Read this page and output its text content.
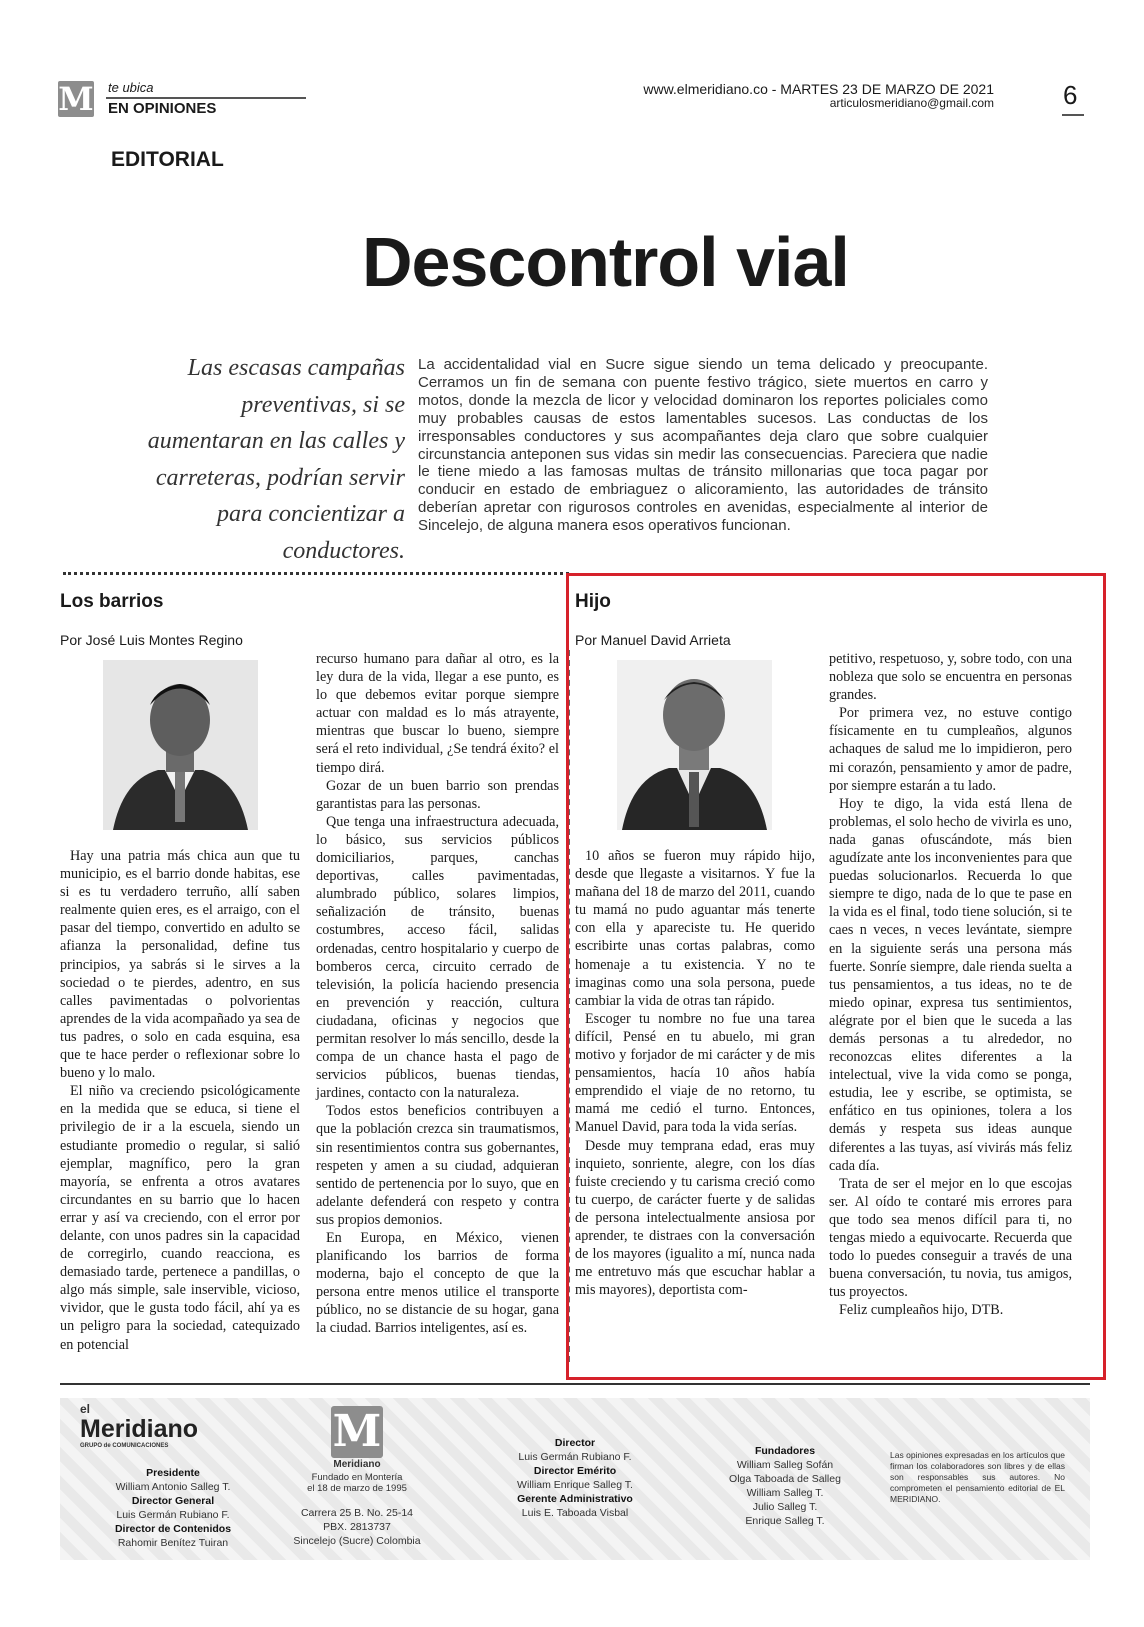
M te ubica
EN OPINIONES
www.elmeridiano.co - MARTES 23 DE MARZO DE 2021
articulosmeridiano@gmail.com	6
EDITORIAL
Descontrol vial
Las escasas campañas preventivas, si se aumentaran en las calles y carreteras, podrían servir para concientizar a conductores.
La accidentalidad vial en Sucre sigue siendo un tema delicado y preocupante. Cerramos un fin de semana con puente festivo trágico, siete muertos en carro y motos, donde la mezcla de licor y velocidad dominaron los reportes policiales como muy probables causas de estos lamentables sucesos. Las conductas de los irresponsables conductores y sus acompañantes deja claro que sobre cualquier circunstancia anteponen sus vidas sin medir las consecuencias. Pareciera que nadie le tiene miedo a las famosas multas de tránsito millonarias que toca pagar por conducir en estado de embriaguez o alicoramiento, las autoridades de tránsito deberían apretar con rigurosos controles en avenidas, especialmente al interior de Sincelejo, de alguna manera esos operativos funcionan.
Los barrios
Por José Luis Montes Regino

Hay una patria más chica aun que tu municipio, es el barrio donde habitas, ese si es tu verdadero terruño, allí saben realmente quien eres, es el arraigo, con el pasar del tiempo, convertido en adulto se afianza la personalidad, define tus principios, ya sabrás si le sirves a la sociedad o te pierdes, adentro, en sus calles pavimentadas o polvorientas aprendes de la vida acompañado ya sea de tus padres, o solo en cada esquina, esa que te hace perder o reflexionar sobre lo bueno y lo malo.

El niño va creciendo psicológicamente en la medida que se educa, si tiene el privilegio de ir a la escuela, siendo un estudiante promedio o regular, si salió ejemplar, magnífico, pero la gran mayoría, se enfrenta a otros avatares circundantes en su barrio que lo hacen errar y así va creciendo, con el error por delante, con unos padres sin la capacidad de corregirlo, cuando reacciona, es demasiado tarde, pertenece a pandillas, o algo más simple, sale inservible, vicioso, vividor, que le gusta todo fácil, ahí ya es un peligro para la sociedad, catequizado en potencial

recurso humano para dañar al otro, es la ley dura de la vida, llegar a ese punto, es lo que debemos evitar porque siempre actuar con maldad es lo más atrayente, mientras que buscar lo bueno, siempre será el reto individual, ¿Se tendrá éxito? el tiempo dirá.

Gozar de un buen barrio son prendas garantistas para las personas.

Que tenga una infraestructura adecuada, lo básico, sus servicios públicos domiciliarios, parques, canchas deportivas, calles pavimentadas, alumbrado público, solares limpios, señalización de tránsito, buenas costumbres, acceso fácil, salidas ordenadas, centro hospitalario y cuerpo de bomberos cerca, circuito cerrado de televisión, la policía haciendo presencia en prevención y reacción, cultura ciudadana, oficinas y negocios que permitan resolver lo más sencillo, desde la compa de un chance hasta el pago de servicios públicos, buenas tiendas, jardines, contacto con la naturaleza.

Todos estos beneficios contribuyen a que la población crezca sin traumatismos, sin resentimientos contra sus gobernantes, respeten y amen a su ciudad, adquieran sentido de pertenencia por lo suyo, que en adelante defenderá con respeto y contra sus propios demonios.

En Europa, en México, vienen planificando los barrios de forma moderna, bajo el concepto de que la persona entre menos utilice el transporte público, no se distancie de su hogar, gana la ciudad. Barrios inteligentes, así es.

Hijo
Por Manuel David Arrieta

10 años se fueron muy rápido hijo, desde que llegaste a visitarnos. Y fue la mañana del 18 de marzo del 2011, cuando tu mamá no pudo aguantar más tenerte con ella y apareciste tu. He querido escribirte unas cortas palabras, como homenaje a tu existencia. Y no te imaginas como una sola persona, puede cambiar la vida de otras tan rápido.

Escoger tu nombre no fue una tarea difícil, Pensé en tu abuelo, mi gran motivo y forjador de mi carácter y de mis pensamientos, hacía 10 años había emprendido el viaje de no retorno, tu mamá me cedió el turno. Entonces, Manuel David, para toda la vida serías.

Desde muy temprana edad, eras muy inquieto, sonriente, alegre, con los días fuiste creciendo y tu carisma creció como tu cuerpo, de carácter fuerte y de salidas de persona intelectualmente ansiosa por aprender, te distraes con la conversación de los mayores (igualito a mí, nunca nada me entretuvo más que escuchar hablar a mis mayores), deportista com-

petitivo, respetuoso, y, sobre todo, con una nobleza que solo se encuentra en personas grandes.

Por primera vez, no estuve contigo físicamente en tu cumpleaños, algunos achaques de salud me lo impidieron, pero mi corazón, pensamiento y amor de padre, por siempre estarán a tu lado.

Hoy te digo, la vida está llena de problemas, el solo hecho de vivirla es uno, nada ganas ofuscándote, más bien agudízate ante los inconvenientes para que puedas solucionarlos. Recuerda lo que siempre te digo, nada de lo que te pase en la vida es el final, todo tiene solución, si te caes n veces, n veces levántate, siempre en la siguiente serás una persona más fuerte. Sonríe siempre, dale rienda suelta a tus pensamientos, a tus ideas, no te de miedo opinar, expresa tus sentimientos, alégrate por el bien que le suceda a las demás personas a tu alrededor, no reconozcas elites diferentes a la intelectual, vive la vida como se ponga, estudia, lee y escribe, se optimista, se enfático en tus opiniones, tolera a los demás y respeta sus ideas aunque diferentes a las tuyas, así vivirás más feliz cada día.

Trata de ser el mejor en lo que escojas ser. Al oído te contaré mis errores para que todo sea menos difícil para ti, no tengas miedo a equivocarte. Recuerda que todo lo puedes conseguir a través de una buena conversación, tu novia, tus amigos, tus proyectos.

Feliz cumpleaños hijo, DTB.

el
Meridiano
GRUPO de COMUNICACIONES
Presidente
William Antonio Salleg T.
Director General
Luis Germán Rubiano F.
Director de Contenidos
Rahomir Benítez Tuiran
M
Meridiano
Fundado en Montería
el 18 de marzo de 1995
Carrera 25 B. No. 25-14
PBX. 2813737
Sincelejo (Sucre) Colombia
Director
Luis Germán Rubiano F.
Director Emérito
William Enrique Salleg T.
Gerente Administrativo
Luis E. Taboada Visbal
Fundadores
William Salleg Sofán
Olga Taboada de Salleg
William Salleg T.
Julio Salleg T.
Enrique Salleg T.
Las opiniones expresadas en los artículos que firman los colaboradores son libres y de ellas son responsables sus autores. No comprometen el pensamiento editorial de EL MERIDIANO.
